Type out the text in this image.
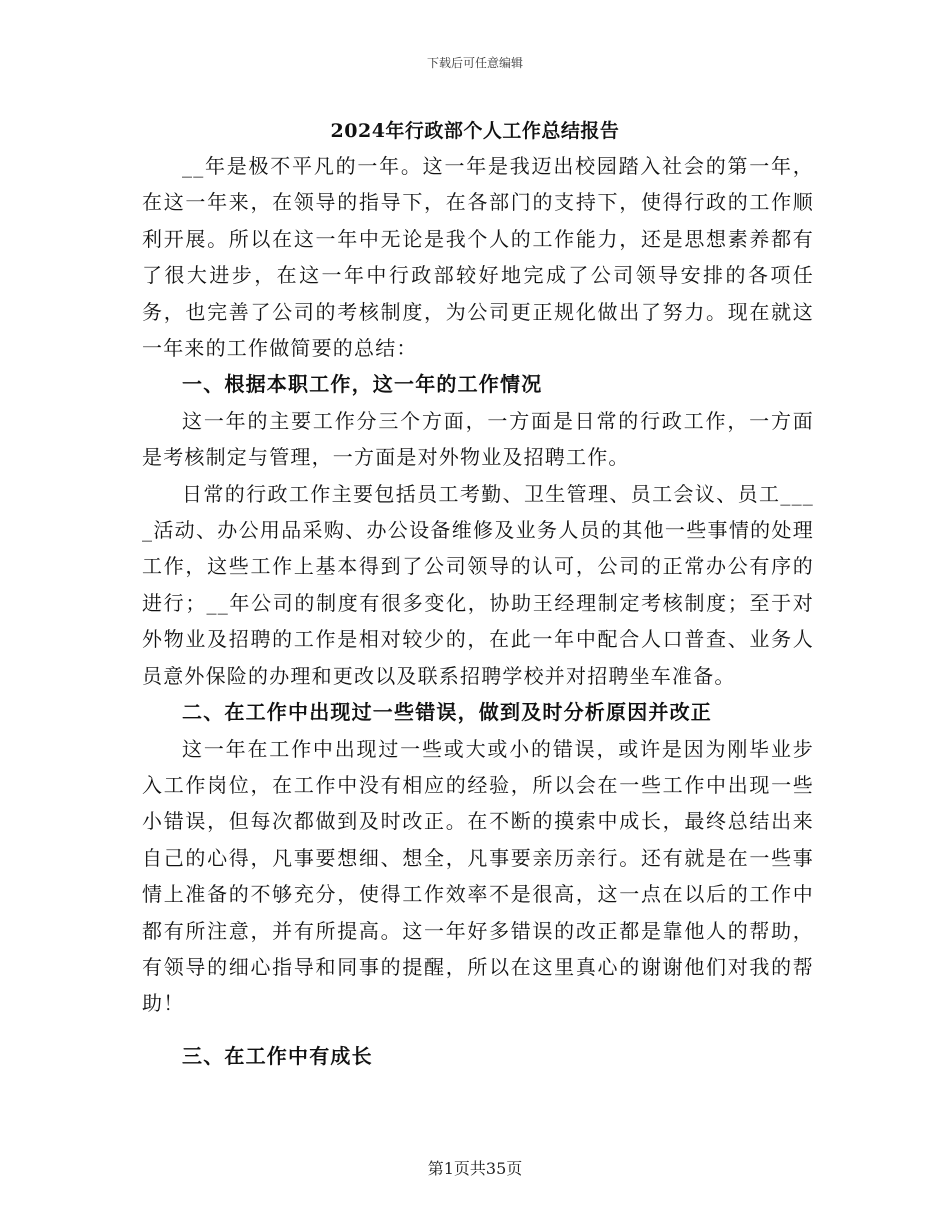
下载后可任意编辑
2024年行政部个人工作总结报告

__年是极不平凡的一年。这一年是我迈出校园踏入社会的第一年，在这一年来，在领导的指导下，在各部门的支持下，使得行政的工作顺利开展。所以在这一年中无论是我个人的工作能力，还是思想素养都有了很大进步，在这一年中行政部较好地完成了公司领导安排的各项任务，也完善了公司的考核制度，为公司更正规化做出了努力。现在就这一年来的工作做简要的总结：

一、根据本职工作，这一年的工作情况

这一年的主要工作分三个方面，一方面是日常的行政工作，一方面是考核制定与管理，一方面是对外物业及招聘工作。

日常的行政工作主要包括员工考勤、卫生管理、员工会议、员工____活动、办公用品采购、办公设备维修及业务人员的其他一些事情的处理工作，这些工作上基本得到了公司领导的认可，公司的正常办公有序的进行；__年公司的制度有很多变化，协助王经理制定考核制度；至于对外物业及招聘的工作是相对较少的，在此一年中配合人口普查、业务人员意外保险的办理和更改以及联系招聘学校并对招聘坐车准备。

二、在工作中出现过一些错误，做到及时分析原因并改正

这一年在工作中出现过一些或大或小的错误，或许是因为刚毕业步入工作岗位，在工作中没有相应的经验，所以会在一些工作中出现一些小错误，但每次都做到及时改正。在不断的摸索中成长，最终总结出来自己的心得，凡事要想细、想全，凡事要亲历亲行。还有就是在一些事情上准备的不够充分，使得工作效率不是很高，这一点在以后的工作中都有所注意，并有所提高。这一年好多错误的改正都是靠他人的帮助，有领导的细心指导和同事的提醒，所以在这里真心的谢谢他们对我的帮助！

三、在工作中有成长

第1页共35页
